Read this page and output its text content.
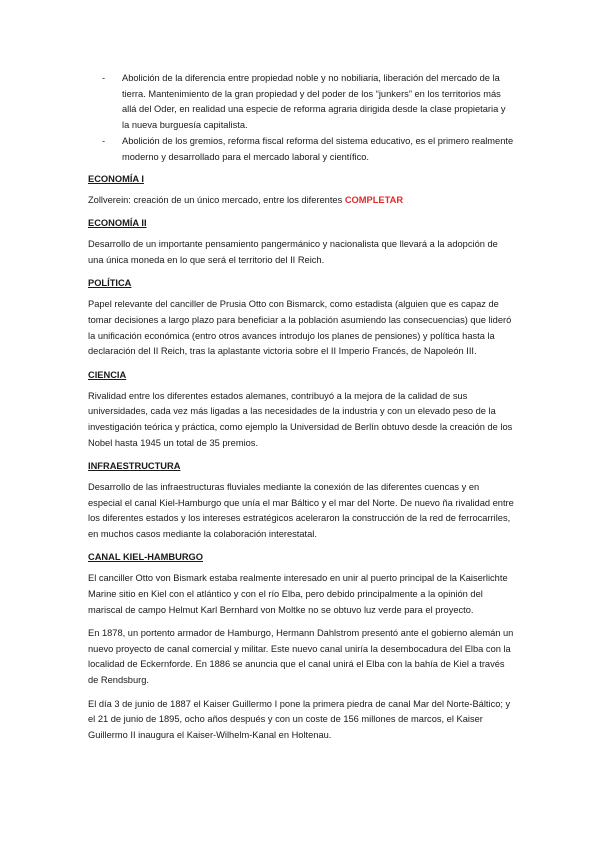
- Abolición de la diferencia entre propiedad noble y no nobiliaria, liberación del mercado de la tierra. Mantenimiento de la gran propiedad y del poder de los “junkers” en los territorios más allá del Oder, en realidad una especie de reforma agraria dirigida desde la clase propietaria y la nueva burguesía capitalista.
- Abolición de los gremios, reforma fiscal reforma del sistema educativo, es el primero realmente moderno y desarrollado para el mercado laboral y científico.
ECONOMÍA I

Zollverein: creación de un único mercado, entre los diferentes COMPLETAR

ECONOMÍA II

Desarrollo de un importante pensamiento pangermánico y nacionalista que llevará a la adopción de una única moneda en lo que será el territorio del II Reich.

POLÍTICA

Papel relevante del canciller de Prusia Otto con Bismarck, como estadista (alguien que es capaz de tomar decisiones a largo plazo para beneficiar a la población asumiendo las consecuencias) que lideró la unificación económica (entro otros avances introdujo los planes de pensiones) y política hasta la declaración del II Reich, tras la aplastante victoria sobre el II Imperio Francés, de Napoleón III.

CIENCIA

Rivalidad entre los diferentes estados alemanes, contribuyó a la mejora de la calidad de sus universidades, cada vez más ligadas a las necesidades de la industria y con un elevado peso de la investigación teórica y práctica, como ejemplo la Universidad de Berlín obtuvo desde la creación de los Nobel hasta 1945 un total de 35 premios.

INFRAESTRUCTURA

Desarrollo de las infraestructuras fluviales mediante la conexión de las diferentes cuencas y en especial el canal Kiel-Hamburgo que unía el mar Báltico y el mar del Norte. De nuevo ña rivalidad entre los diferentes estados y los intereses estratégicos aceleraron la construcción de la red de ferrocarriles, en muchos casos mediante la colaboración interestatal.

CANAL KIEL-HAMBURGO

El canciller Otto von Bismark estaba realmente interesado en unir al puerto principal de la Kaiserlichte Marine sitio en Kiel con el atlántico y con el río Elba, pero debido principalmente a la opinión del mariscal de campo Helmut Karl Bernhard von Moltke no se obtuvo luz verde para el proyecto.

En 1878, un portento armador de Hamburgo, Hermann Dahlstrom presentó ante el gobierno alemán un nuevo proyecto de canal comercial y militar. Este nuevo canal uniría la desembocadura del Elba con la localidad de Eckernforde. En 1886 se anuncia que el canal unirá el Elba con la bahía de Kiel a través de Rendsburg.

El día 3 de junio de 1887 el Kaiser Guillermo I pone la primera piedra de canal Mar del Norte-Báltico; y el 21 de junio de 1895, ocho años después y con un coste de 156 millones de marcos, el Kaiser Guillermo II inaugura el Kaiser-Wilhelm-Kanal en Holtenau.
